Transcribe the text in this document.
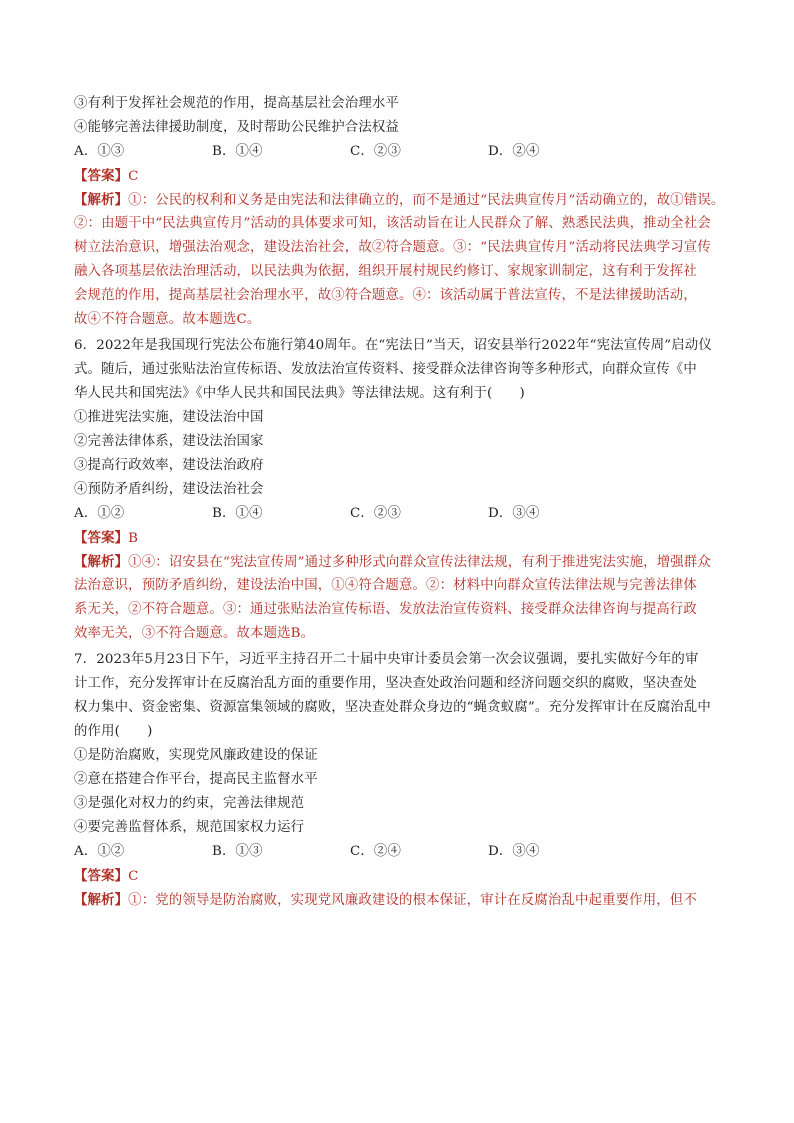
③有利于发挥社会规范的作用，提高基层社会治理水平
④能够完善法律援助制度，及时帮助公民维护合法权益
A．①③	B．①④	C．②③	D．②④
【答案】C
【解析】①：公民的权利和义务是由宪法和法律确立的，而不是通过“民法典宣传月”活动确立的，故①错误。
②：由题干中“民法典宣传月”活动的具体要求可知，该活动旨在让人民群众了解、熟悉民法典，推动全社会
树立法治意识，增强法治观念，建设法治社会，故②符合题意。③：“民法典宣传月”活动将民法典学习宣传
融入各项基层依法治理活动，以民法典为依据，组织开展村规民约修订、家规家训制定，这有利于发挥社
会规范的作用，提高基层社会治理水平，故③符合题意。④：该活动属于普法宣传，不是法律援助活动，
故④不符合题意。故本题选C。
6．2022年是我国现行宪法公布施行第40周年。在“宪法日”当天，诏安县举行2022年“宪法宣传周”启动仪
式。随后，通过张贴法治宣传标语、发放法治宣传资料、接受群众法律咨询等多种形式，向群众宣传《中
华人民共和国宪法》《中华人民共和国民法典》等法律法规。这有利于(　　)
①推进宪法实施，建设法治中国
②完善法律体系，建设法治国家
③提高行政效率，建设法治政府
④预防矛盾纠纷，建设法治社会
A．①②	B．①④	C．②③	D．③④
【答案】B
【解析】①④：诏安县在“宪法宣传周”通过多种形式向群众宣传法律法规，有利于推进宪法实施，增强群众
法治意识，预防矛盾纠纷，建设法治中国，①④符合题意。②：材料中向群众宣传法律法规与完善法律体
系无关，②不符合题意。③：通过张贴法治宣传标语、发放法治宣传资料、接受群众法律咨询与提高行政
效率无关，③不符合题意。故本题选B。
7．2023年5月23日下午，习近平主持召开二十届中央审计委员会第一次会议强调，要扎实做好今年的审
计工作，充分发挥审计在反腐治乱方面的重要作用，坚决查处政治问题和经济问题交织的腐败，坚决查处
权力集中、资金密集、资源富集领域的腐败，坚决查处群众身边的“蝇贪蚁腐”。充分发挥审计在反腐治乱中
的作用(　　)
①是防治腐败，实现党风廉政建设的保证
②意在搭建合作平台，提高民主监督水平
③是强化对权力的约束，完善法律规范
④要完善监督体系，规范国家权力运行
A．①②	B．①③	C．②④	D．③④
【答案】C
【解析】①：党的领导是防治腐败，实现党风廉政建设的根本保证，审计在反腐治乱中起重要作用，但不
